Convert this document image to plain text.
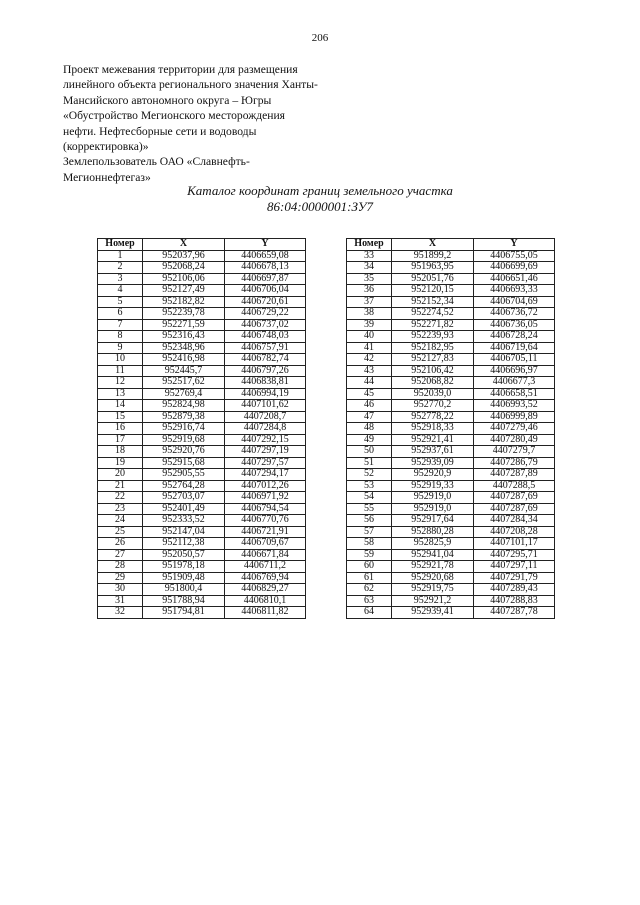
206
Проект межевания территории для размещения
линейного объекта регионального значения Ханты-
Мансийского автономного округа – Югры
«Обустройство Мегионского месторождения
нефти. Нефтесборные сети и водоводы
(корректировка)»
Землепользователь ОАО «Славнефть-
Мегионнефтегаз»
Каталог координат границ земельного участка
86:04:0000001:ЗУ7
Номер	X	Y
1	952037,96	4406659,08
2	952068,24	4406678,13
3	952106,06	4406697,87
4	952127,49	4406706,04
5	952182,82	4406720,61
6	952239,78	4406729,22
7	952271,59	4406737,02
8	952316,43	4406748,03
9	952348,96	4406757,91
10	952416,98	4406782,74
11	952445,7	4406797,26
12	952517,62	4406838,81
13	952769,4	4406994,19
14	952824,98	4407101,62
15	952879,38	4407208,7
16	952916,74	4407284,8
17	952919,68	4407292,15
18	952920,76	4407297,19
19	952915,68	4407297,57
20	952905,55	4407294,17
21	952764,28	4407012,26
22	952703,07	4406971,92
23	952401,49	4406794,54
24	952333,52	4406770,76
25	952147,04	4406721,91
26	952112,38	4406709,67
27	952050,57	4406671,84
28	951978,18	4406711,2
29	951909,48	4406769,94
30	951800,4	4406829,27
31	951788,94	4406810,1
32	951794,81	4406811,82
Номер	X	Y
33	951899,2	4406755,05
34	951963,95	4406699,69
35	952051,76	4406651,46
36	952120,15	4406693,33
37	952152,34	4406704,69
38	952274,52	4406736,72
39	952271,82	4406736,05
40	952239,93	4406728,24
41	952182,95	4406719,64
42	952127,83	4406705,11
43	952106,42	4406696,97
44	952068,82	4406677,3
45	952039,0	4406658,51
46	952770,2	4406993,52
47	952778,22	4406999,89
48	952918,33	4407279,46
49	952921,41	4407280,49
50	952937,61	4407279,7
51	952939,09	4407286,79
52	952920,9	4407287,89
53	952919,33	4407288,5
54	952919,0	4407287,69
55	952919,0	4407287,69
56	952917,64	4407284,34
57	952880,28	4407208,28
58	952825,9	4407101,17
59	952941,04	4407295,71
60	952921,78	4407297,11
61	952920,68	4407291,79
62	952919,75	4407289,43
63	952921,2	4407288,83
64	952939,41	4407287,78
